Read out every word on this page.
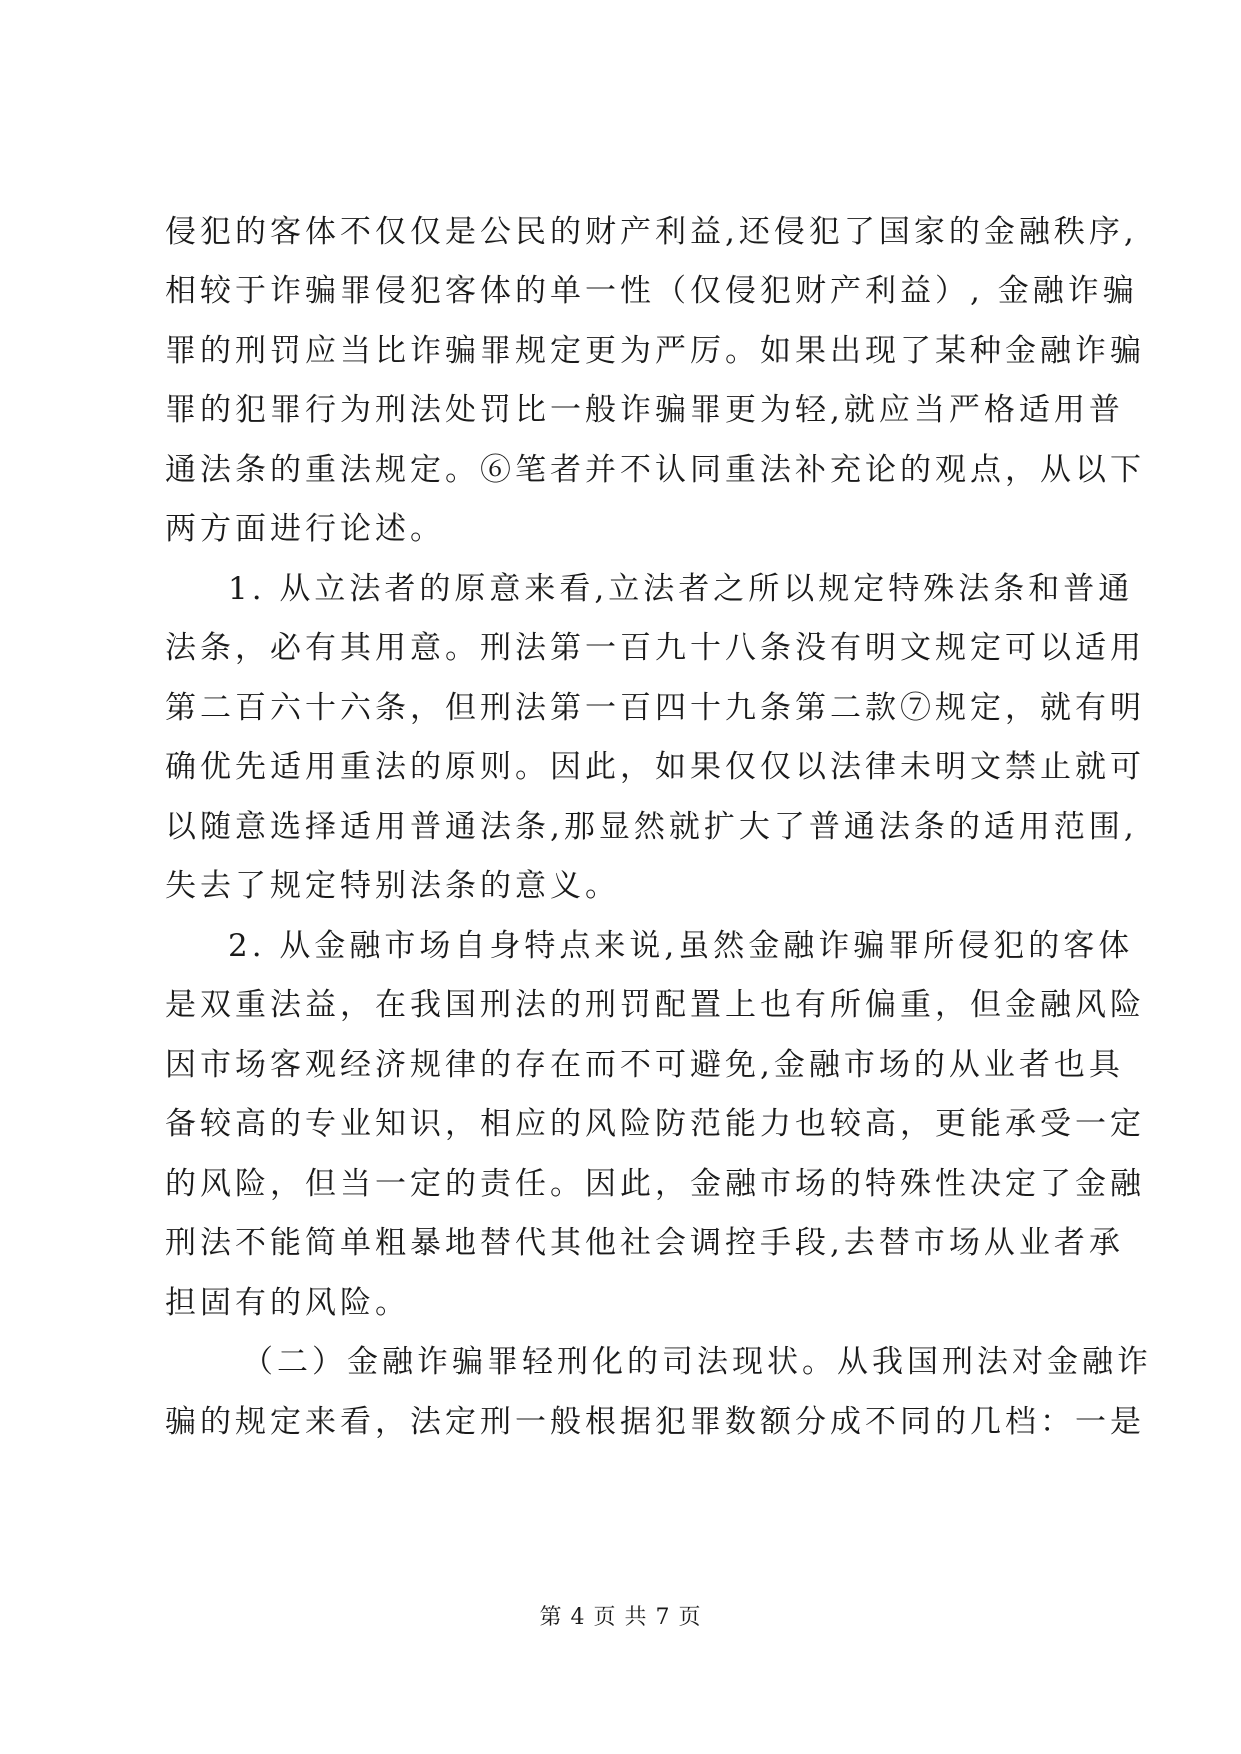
侵犯的客体不仅仅是公民的财产利益,还侵犯了国家的金融秩序,
相较于诈骗罪侵犯客体的单一性（仅侵犯财产利益）, 金融诈骗
罪的刑罚应当比诈骗罪规定更为严厉。如果出现了某种金融诈骗
罪的犯罪行为刑法处罚比一般诈骗罪更为轻,就应当严格适用普
通法条的重法规定。⑥笔者并不认同重法补充论的观点，从以下
两方面进行论述。
1. 从立法者的原意来看,立法者之所以规定特殊法条和普通
法条，必有其用意。刑法第一百九十八条没有明文规定可以适用
第二百六十六条，但刑法第一百四十九条第二款⑦规定，就有明
确优先适用重法的原则。因此，如果仅仅以法律未明文禁止就可
以随意选择适用普通法条,那显然就扩大了普通法条的适用范围,
失去了规定特别法条的意义。
2. 从金融市场自身特点来说,虽然金融诈骗罪所侵犯的客体
是双重法益，在我国刑法的刑罚配置上也有所偏重，但金融风险
因市场客观经济规律的存在而不可避免,金融市场的从业者也具
备较高的专业知识，相应的风险防范能力也较高，更能承受一定
的风险，但当一定的责任。因此，金融市场的特殊性决定了金融
刑法不能简单粗暴地替代其他社会调控手段,去替市场从业者承
担固有的风险。
（二）金融诈骗罪轻刑化的司法现状。从我国刑法对金融诈
骗的规定来看，法定刑一般根据犯罪数额分成不同的几档：一是
第 4 页 共 7 页
